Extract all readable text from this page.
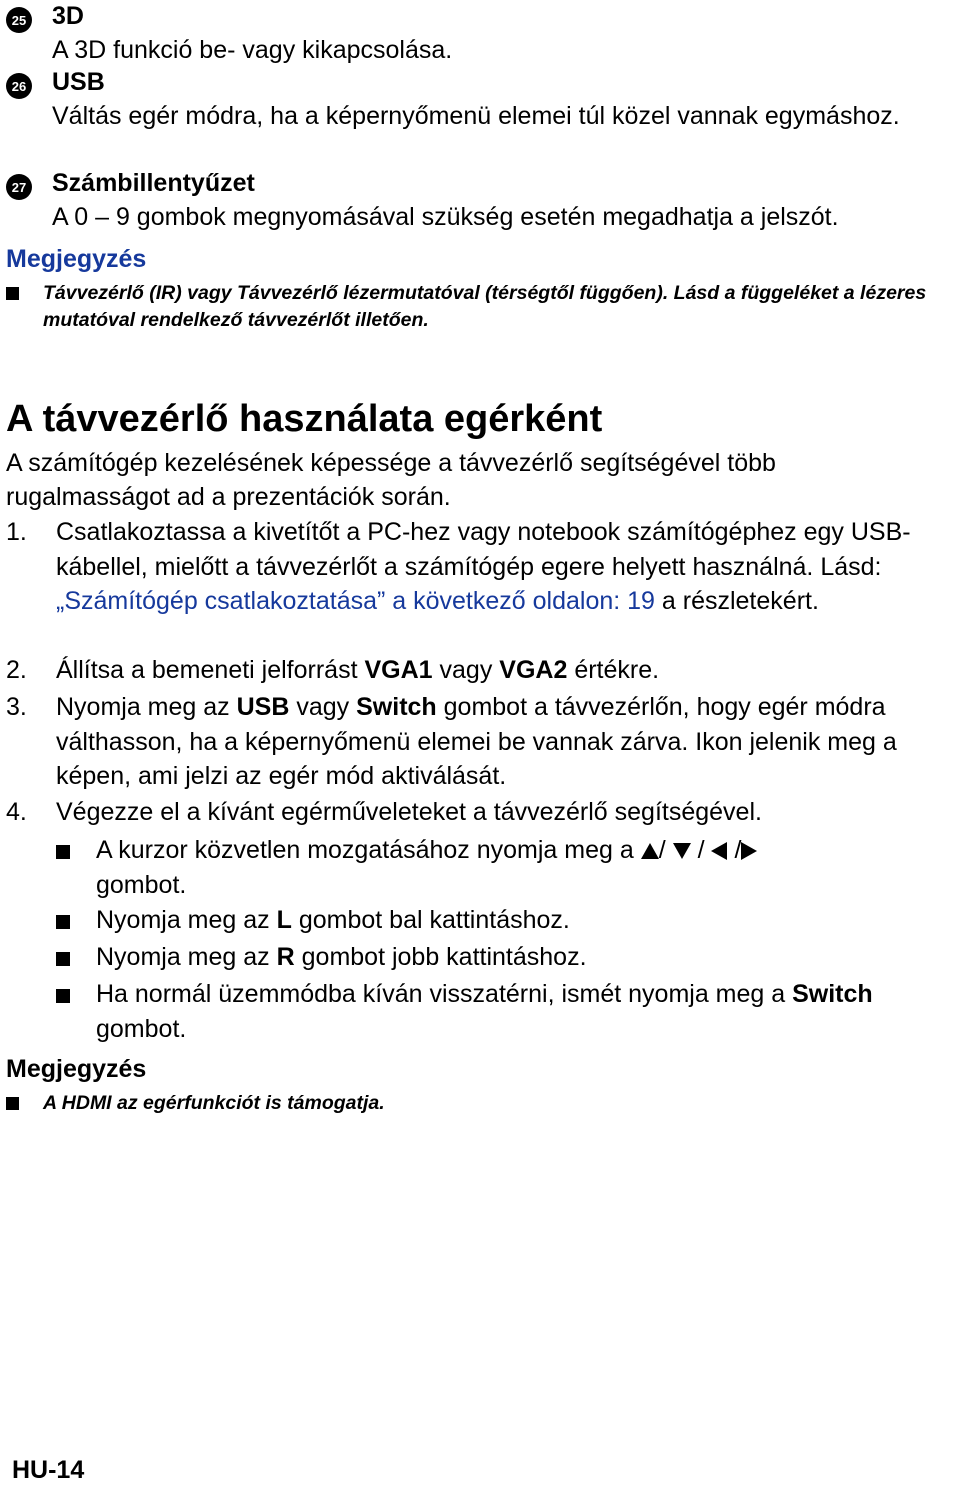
25 3D
A 3D funkció be- vagy kikapcsolása.
26 USB
Váltás egér módra, ha a képernyőmenü elemei túl közel vannak egymáshoz.
27 Számbillentyűzet
A 0 – 9 gombok megnyomásával szükség esetén megadhatja a jelszót.
Megjegyzés
Távvezérlő (IR) vagy Távvezérlő lézermutatóval (térségtől függően). Lásd a függeléket a lézeres mutatóval rendelkező távvezérlőt illetően.
A távvezérlő használata egérként
A számítógép kezelésének képessége a távvezérlő segítségével több rugalmasságot ad a prezentációk során.
1. Csatlakoztassa a kivetítőt a PC-hez vagy notebook számítógéphez egy USB-kábellel, mielőtt a távvezérlőt a számítógép egere helyett használná. Lásd: „Számítógép csatlakoztatása” a következő oldalon: 19 a részletekért.
2. Állítsa a bemeneti jelforrást VGA1 vagy VGA2 értékre.
3. Nyomja meg az USB vagy Switch gombot a távvezérlőn, hogy egér módra válthasson, ha a képernyőmenü elemei be vannak zárva. Ikon jelenik meg a képen, ami jelzi az egér mód aktiválását.
4. Végezze el a kívánt egérműveleteket a távvezérlő segítségével.
A kurzor közvetlen mozgatásához nyomja meg a / / /
gombot.
Nyomja meg az L gombot bal kattintáshoz.
Nyomja meg az R gombot jobb kattintáshoz.
Ha normál üzemmódba kíván visszatérni, ismét nyomja meg a Switch gombot.
Megjegyzés
A HDMI az egérfunkciót is támogatja.
HU-14
